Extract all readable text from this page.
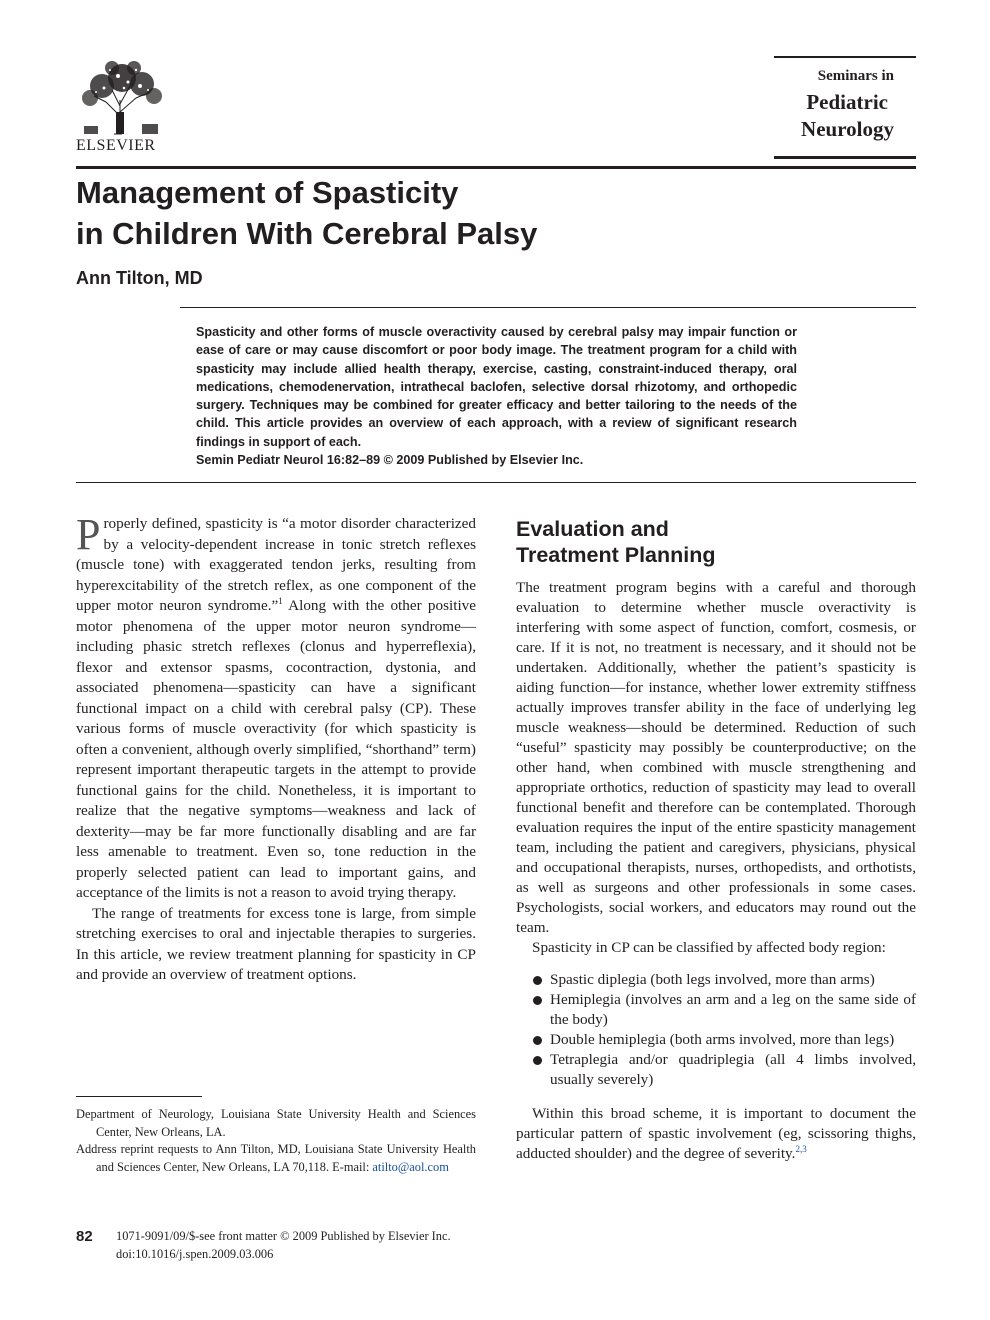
ELSEVIER
Seminars in
Pediatric
Neurology
Management of Spasticity
in Children With Cerebral Palsy
Ann Tilton, MD
Spasticity and other forms of muscle overactivity caused by cerebral palsy may impair function or ease of care or may cause discomfort or poor body image. The treatment program for a child with spasticity may include allied health therapy, exercise, casting, constraint-induced therapy, oral medications, chemodenervation, intrathecal baclofen, selective dorsal rhizotomy, and orthopedic surgery. Techniques may be combined for greater efficacy and better tailoring to the needs of the child. This article provides an overview of each approach, with a review of significant research findings in support of each.
Semin Pediatr Neurol 16:82–89 © 2009 Published by Elsevier Inc.

Properly defined, spasticity is “a motor disorder characterized by a velocity-dependent increase in tonic stretch reflexes (muscle tone) with exaggerated tendon jerks, resulting from hyperexcitability of the stretch reflex, as one component of the upper motor neuron syndrome.”$^1$ Along with the other positive motor phenomena of the upper motor neuron syndrome—including phasic stretch reflexes (clonus and hyperreflexia), flexor and extensor spasms, cocontraction, dystonia, and associated phenomena—spasticity can have a significant functional impact on a child with cerebral palsy (CP). These various forms of muscle overactivity (for which spasticity is often a convenient, although overly simplified, “shorthand” term) represent important therapeutic targets in the attempt to provide functional gains for the child. Nonetheless, it is important to realize that the negative symptoms—weakness and lack of dexterity—may be far more functionally disabling and are far less amenable to treatment. Even so, tone reduction in the properly selected patient can lead to important gains, and acceptance of the limits is not a reason to avoid trying therapy.

The range of treatments for excess tone is large, from simple stretching exercises to oral and injectable therapies to surgeries. In this article, we review treatment planning for spasticity in CP and provide an overview of treatment options.

Department of Neurology, Louisiana State University Health and Sciences Center, New Orleans, LA.
Address reprint requests to Ann Tilton, MD, Louisiana State University Health and Sciences Center, New Orleans, LA 70,118. E-mail: atilto@aol.com
82 1071-9091/09/$-see front matter © 2009 Published by Elsevier Inc.
doi:10.1016/j.spen.2009.03.006
Evaluation and
Treatment Planning

The treatment program begins with a careful and thorough evaluation to determine whether muscle overactivity is interfering with some aspect of function, comfort, cosmesis, or care. If it is not, no treatment is necessary, and it should not be undertaken. Additionally, whether the patient’s spasticity is aiding function—for instance, whether lower extremity stiffness actually improves transfer ability in the face of underlying leg muscle weakness—should be determined. Reduction of such “useful” spasticity may possibly be counterproductive; on the other hand, when combined with muscle strengthening and appropriate orthotics, reduction of spasticity may lead to overall functional benefit and therefore can be contemplated. Thorough evaluation requires the input of the entire spasticity management team, including the patient and caregivers, physicians, physical and occupational therapists, nurses, orthopedists, and orthotists, as well as surgeons and other professionals in some cases. Psychologists, social workers, and educators may round out the team.

Spasticity in CP can be classified by affected body region:

Spastic diplegia (both legs involved, more than arms)
Hemiplegia (involves an arm and a leg on the same side of the body)
Double hemiplegia (both arms involved, more than legs)
Tetraplegia and/or quadriplegia (all 4 limbs involved, usually severely)

Within this broad scheme, it is important to document the particular pattern of spastic involvement (eg, scissoring thighs, adducted shoulder) and the degree of severity.$^{2,3}$
